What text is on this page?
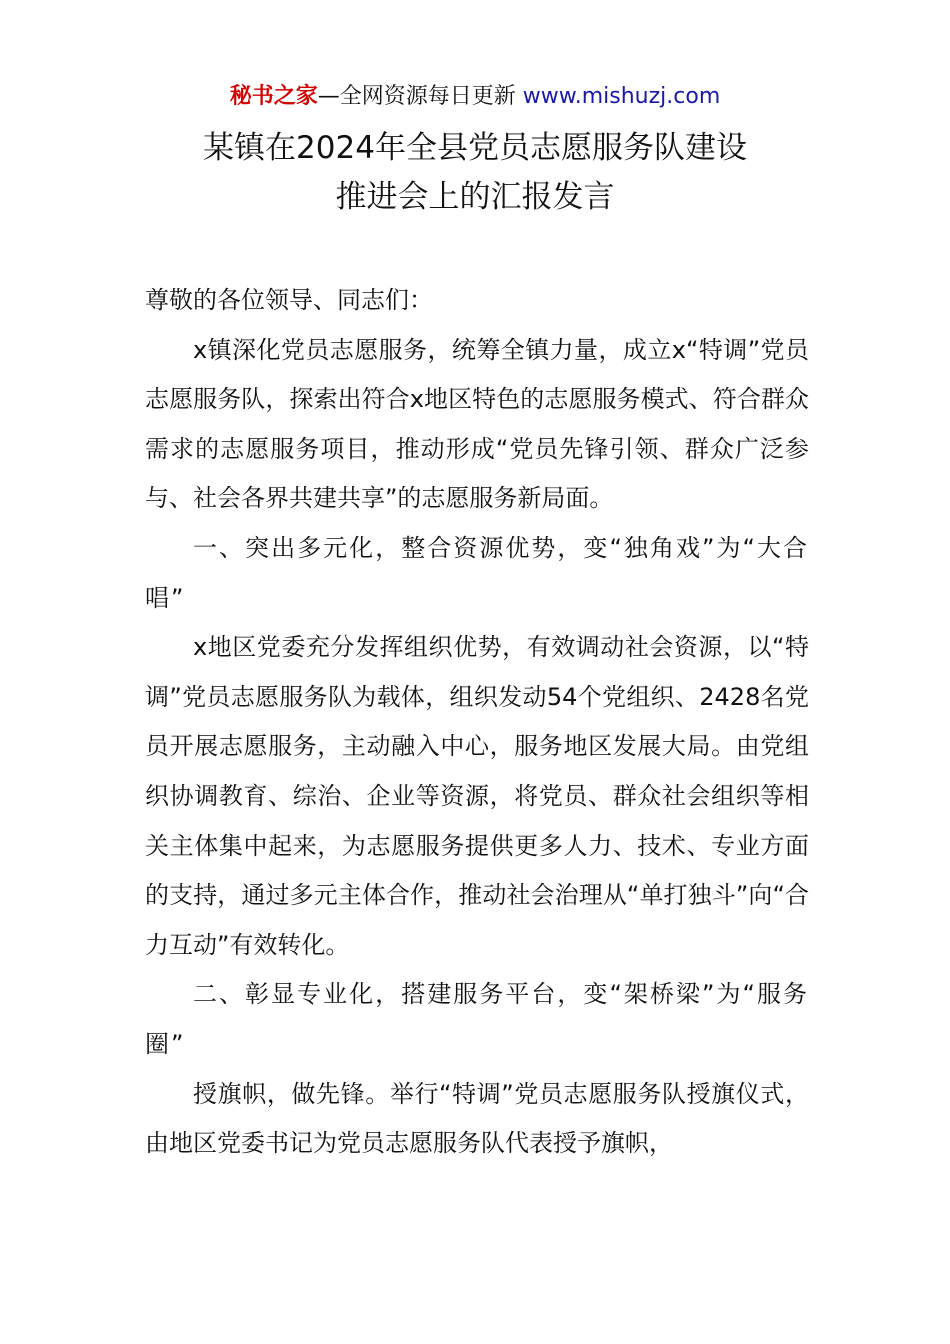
秘书之家—全网资源每日更新 www.mishuzj.com
某镇在2024年全县党员志愿服务队建设
推进会上的汇报发言

尊敬的各位领导、同志们：

x镇深化党员志愿服务，统筹全镇力量，成立x“特调”党员志愿服务队，探索出符合x地区特色的志愿服务模式、符合群众需求的志愿服务项目，推动形成“党员先锋引领、群众广泛参与、社会各界共建共享”的志愿服务新局面。

一、突出多元化，整合资源优势，变“独角戏”为“大合唱”

x地区党委充分发挥组织优势，有效调动社会资源，以“特调”党员志愿服务队为载体，组织发动54个党组织、2428名党员开展志愿服务，主动融入中心，服务地区发展大局。由党组织协调教育、综治、企业等资源，将党员、群众社会组织等相关主体集中起来，为志愿服务提供更多人力、技术、专业方面的支持，通过多元主体合作，推动社会治理从“单打独斗”向“合力互动”有效转化。

二、彰显专业化，搭建服务平台，变“架桥梁”为“服务圈”

授旗帜，做先锋。举行“特调”党员志愿服务队授旗仪式，由地区党委书记为党员志愿服务队代表授予旗帜，
